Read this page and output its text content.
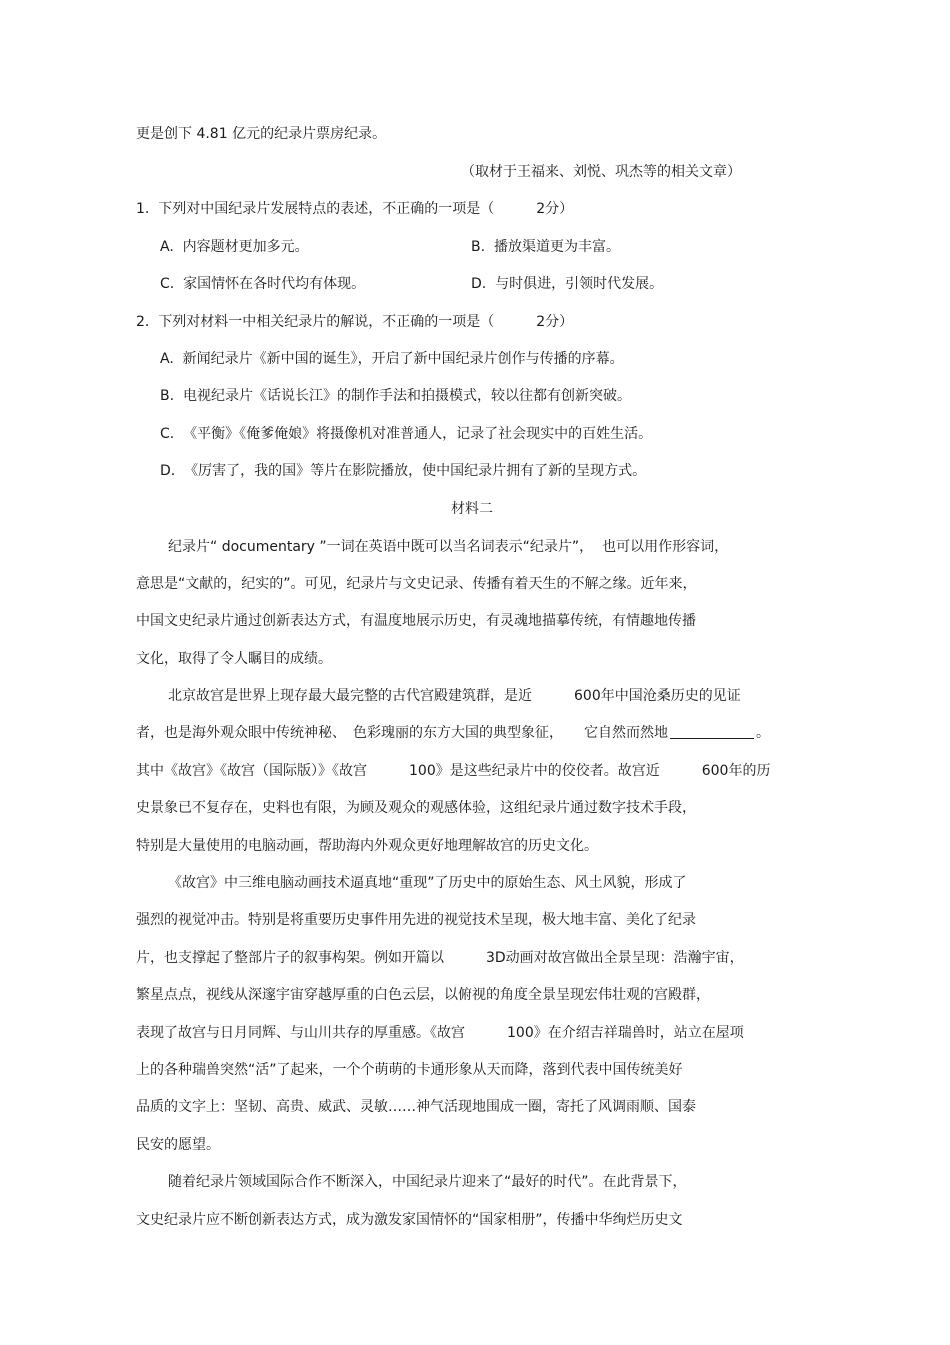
更是创下 4.81 亿元的纪录片票房纪录。
（取材于王福来、刘悦、巩杰等的相关文章）
1.  下列对中国纪录片发展特点的表述，不正确的一项是（　　　2分）
A.  内容题材更加多元。	B.  播放渠道更为丰富。
C.  家国情怀在各时代均有体现。	D.  与时俱进，引领时代发展。
2.  下列对材料一中相关纪录片的解说，不正确的一项是（　　　2分）
A.  新闻纪录片《新中国的诞生》，开启了新中国纪录片创作与传播的序幕。
B.  电视纪录片《话说长江》的制作手法和拍摄模式，较以往都有创新突破。
C.  《平衡》《俺爹俺娘》将摄像机对准普通人，记录了社会现实中的百姓生活。
D.  《厉害了，我的国》等片在影院播放，使中国纪录片拥有了新的呈现方式。
材料二
纪录片“ documentary ”一词在英语中既可以当名词表示“纪录片”，  也可以用作形容词，
意思是“文献的，纪实的”。可见，纪录片与文史记录、传播有着天生的不解之缘。近年来，
中国文史纪录片通过创新表达方式，有温度地展示历史，有灵魂地描摹传统，有情趣地传播
文化，取得了令人瞩目的成绩。
北京故宫是世界上现存最大最完整的古代宫殿建筑群，是近　　　600年中国沧桑历史的见证
者，也是海外观众眼中传统神秘、　色彩瑰丽的东方大国的典型象征，　　它自然而然地	。
其中《故宫》《故宫（国际版）》《故宫　　　100》是这些纪录片中的佼佼者。故宫近　　　600年的历
史景象已不复存在，史料也有限，为顾及观众的观感体验，这组纪录片通过数字技术手段，
特别是大量使用的电脑动画，帮助海内外观众更好地理解故宫的历史文化。
《故宫》中三维电脑动画技术逼真地“重现”了历史中的原始生态、风土风貌，形成了
强烈的视觉冲击。特别是将重要历史事件用先进的视觉技术呈现，极大地丰富、美化了纪录
片，也支撑起了整部片子的叙事构架。例如开篇以　　　3D动画对故宫做出全景呈现：浩瀚宇宙，
繁星点点，视线从深邃宇宙穿越厚重的白色云层，以俯视的角度全景呈现宏伟壮观的宫殿群，
表现了故宫与日月同辉、与山川共存的厚重感。《故宫　　　100》在介绍吉祥瑞兽时，站立在屋项
上的各种瑞兽突然“活”了起来，一个个萌萌的卡通形象从天而降，落到代表中国传统美好
品质的文字上：坚韧、高贵、威武、灵敏……神气活现地围成一圈，寄托了风调雨顺、国泰
民安的愿望。
随着纪录片领域国际合作不断深入，中国纪录片迎来了“最好的时代”。在此背景下，
文史纪录片应不断创新表达方式，成为激发家国情怀的“国家相册”，传播中华绚烂历史文
